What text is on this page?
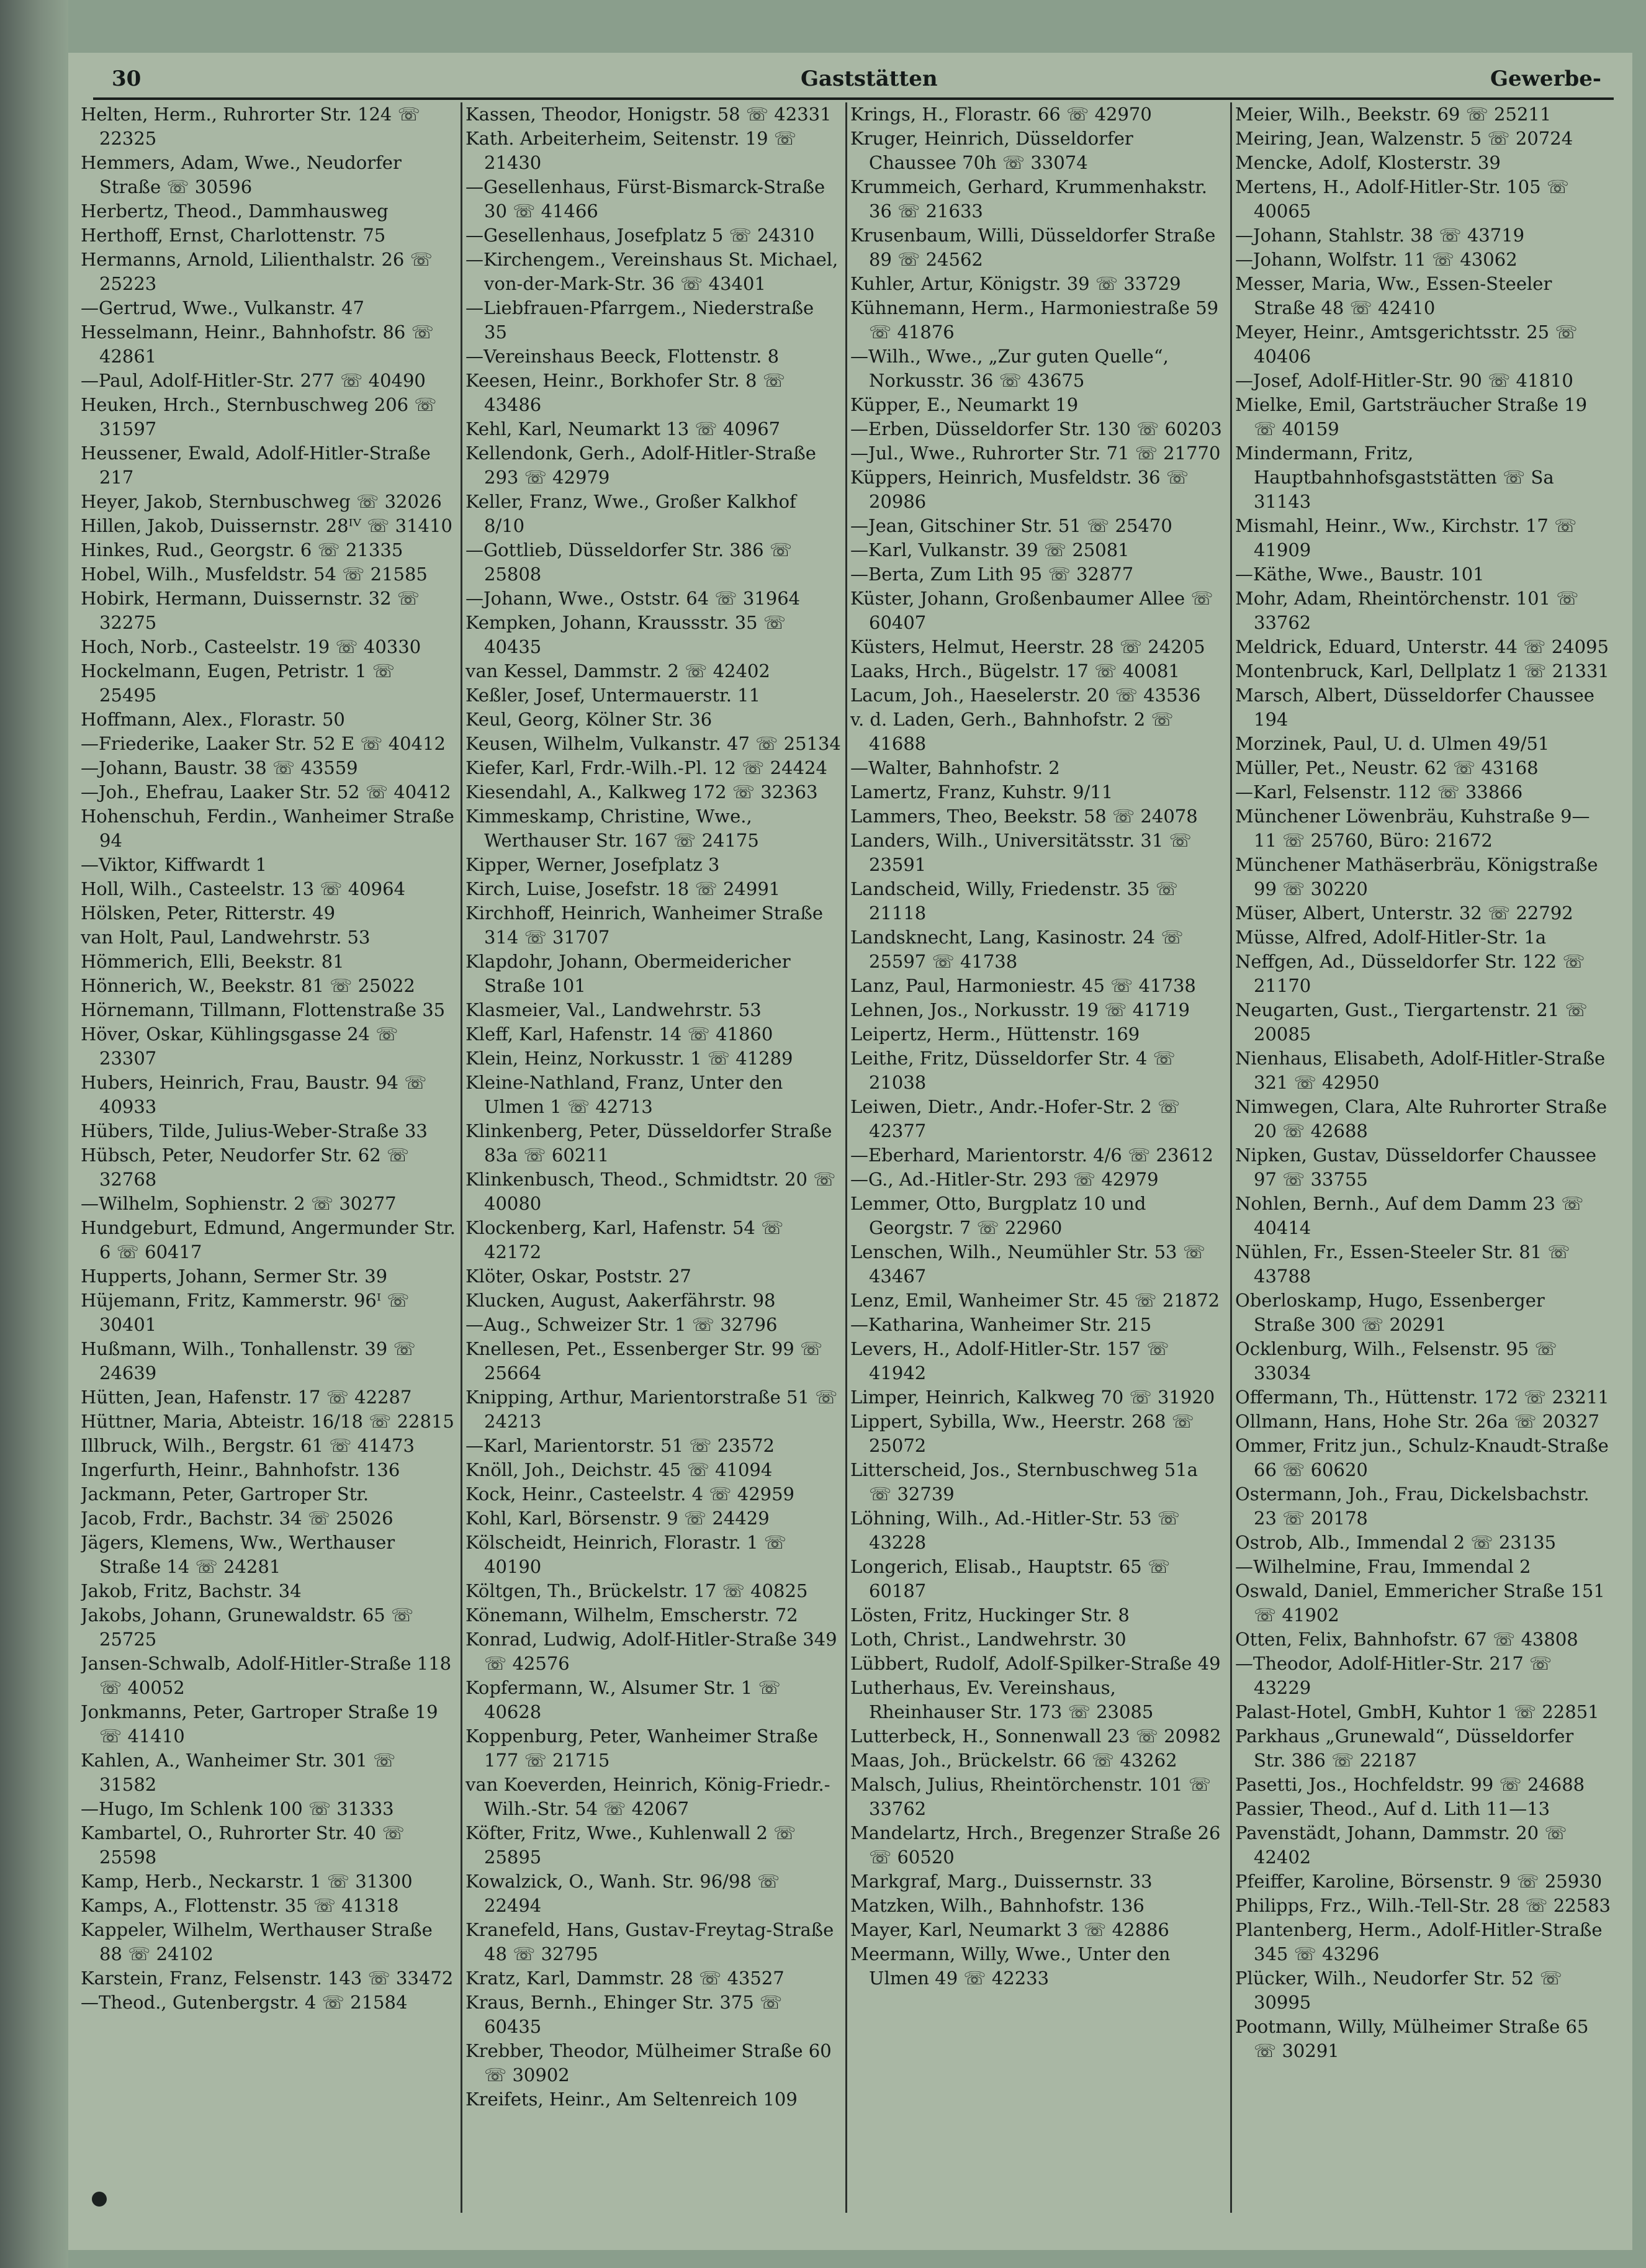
30	Gaststätten	Gewerbe-

Helten, Herm., Ruhrorter Str. 124 ☏ 22325

Hemmers, Adam, Wwe., Neudorfer Straße ☏ 30596

Herbertz, Theod., Dammhausweg

Herthoff, Ernst, Charlottenstr. 75

Hermanns, Arnold, Lilienthalstr. 26 ☏ 25223

—Gertrud, Wwe., Vulkanstr. 47

Hesselmann, Heinr., Bahnhofstr. 86 ☏ 42861

—Paul, Adolf-Hitler-Str. 277 ☏ 40490

Heuken, Hrch., Sternbuschweg 206 ☏ 31597

Heussener, Ewald, Adolf-Hitler-Straße 217

Heyer, Jakob, Sternbuschweg ☏ 32026

Hillen, Jakob, Duissernstr. 28ᴵⱽ ☏ 31410

Hinkes, Rud., Georgstr. 6 ☏ 21335

Hobel, Wilh., Musfeldstr. 54 ☏ 21585

Hobirk, Hermann, Duissernstr. 32 ☏ 32275

Hoch, Norb., Casteelstr. 19 ☏ 40330

Hockelmann, Eugen, Petristr. 1 ☏ 25495

Hoffmann, Alex., Florastr. 50

—Friederike, Laaker Str. 52 E ☏ 40412

—Johann, Baustr. 38 ☏ 43559

—Joh., Ehefrau, Laaker Str. 52 ☏ 40412

Hohenschuh, Ferdin., Wanheimer Straße 94

—Viktor, Kiffwardt 1

Holl, Wilh., Casteelstr. 13 ☏ 40964

Hölsken, Peter, Ritterstr. 49

van Holt, Paul, Landwehrstr. 53

Hömmerich, Elli, Beekstr. 81

Hönnerich, W., Beekstr. 81 ☏ 25022

Hörnemann, Tillmann, Flottenstraße 35

Höver, Oskar, Kühlingsgasse 24 ☏ 23307

Hubers, Heinrich, Frau, Baustr. 94 ☏ 40933

Hübers, Tilde, Julius-Weber-Straße 33

Hübsch, Peter, Neudorfer Str. 62 ☏ 32768

—Wilhelm, Sophienstr. 2 ☏ 30277

Hundgeburt, Edmund, Angermunder Str. 6 ☏ 60417

Hupperts, Johann, Sermer Str. 39

Hüjemann, Fritz, Kammerstr. 96ᴵ ☏ 30401

Hußmann, Wilh., Tonhallenstr. 39 ☏ 24639

Hütten, Jean, Hafenstr. 17 ☏ 42287

Hüttner, Maria, Abteistr. 16/18 ☏ 22815

Illbruck, Wilh., Bergstr. 61 ☏ 41473

Ingerfurth, Heinr., Bahnhofstr. 136

Jackmann, Peter, Gartroper Str.

Jacob, Frdr., Bachstr. 34 ☏ 25026

Jägers, Klemens, Ww., Werthauser Straße 14 ☏ 24281

Jakob, Fritz, Bachstr. 34

Jakobs, Johann, Grunewaldstr. 65 ☏ 25725

Jansen-Schwalb, Adolf-Hitler-Straße 118 ☏ 40052

Jonkmanns, Peter, Gartroper Straße 19 ☏ 41410

Kahlen, A., Wanheimer Str. 301 ☏ 31582

—Hugo, Im Schlenk 100 ☏ 31333

Kambartel, O., Ruhrorter Str. 40 ☏ 25598

Kamp, Herb., Neckarstr. 1 ☏ 31300

Kamps, A., Flottenstr. 35 ☏ 41318

Kappeler, Wilhelm, Werthauser Straße 88 ☏ 24102

Karstein, Franz, Felsenstr. 143 ☏ 33472

—Theod., Gutenbergstr. 4 ☏ 21584

Kassen, Theodor, Honigstr. 58 ☏ 42331

Kath. Arbeiterheim, Seitenstr. 19 ☏ 21430

—Gesellenhaus, Fürst-Bismarck-Straße 30 ☏ 41466

—Gesellenhaus, Josefplatz 5 ☏ 24310

—Kirchengem., Vereinshaus St. Michael, von-der-Mark-Str. 36 ☏ 43401

—Liebfrauen-Pfarrgem., Niederstraße 35

—Vereinshaus Beeck, Flottenstr. 8

Keesen, Heinr., Borkhofer Str. 8 ☏ 43486

Kehl, Karl, Neumarkt 13 ☏ 40967

Kellendonk, Gerh., Adolf-Hitler-Straße 293 ☏ 42979

Keller, Franz, Wwe., Großer Kalkhof 8/10

—Gottlieb, Düsseldorfer Str. 386 ☏ 25808

—Johann, Wwe., Oststr. 64 ☏ 31964

Kempken, Johann, Kraussstr. 35 ☏ 40435

van Kessel, Dammstr. 2 ☏ 42402

Keßler, Josef, Untermauerstr. 11

Keul, Georg, Kölner Str. 36

Keusen, Wilhelm, Vulkanstr. 47 ☏ 25134

Kiefer, Karl, Frdr.-Wilh.-Pl. 12 ☏ 24424

Kiesendahl, A., Kalkweg 172 ☏ 32363

Kimmeskamp, Christine, Wwe., Werthauser Str. 167 ☏ 24175

Kipper, Werner, Josefplatz 3

Kirch, Luise, Josefstr. 18 ☏ 24991

Kirchhoff, Heinrich, Wanheimer Straße 314 ☏ 31707

Klapdohr, Johann, Obermeidericher Straße 101

Klasmeier, Val., Landwehrstr. 53

Kleff, Karl, Hafenstr. 14 ☏ 41860

Klein, Heinz, Norkusstr. 1 ☏ 41289

Kleine-Nathland, Franz, Unter den Ulmen 1 ☏ 42713

Klinkenberg, Peter, Düsseldorfer Straße 83a ☏ 60211

Klinkenbusch, Theod., Schmidtstr. 20 ☏ 40080

Klockenberg, Karl, Hafenstr. 54 ☏ 42172

Klöter, Oskar, Poststr. 27

Klucken, August, Aakerfährstr. 98

—Aug., Schweizer Str. 1 ☏ 32796

Knellesen, Pet., Essenberger Str. 99 ☏ 25664

Knipping, Arthur, Marientorstraße 51 ☏ 24213

—Karl, Marientorstr. 51 ☏ 23572

Knöll, Joh., Deichstr. 45 ☏ 41094

Kock, Heinr., Casteelstr. 4 ☏ 42959

Kohl, Karl, Börsenstr. 9 ☏ 24429

Kölscheidt, Heinrich, Florastr. 1 ☏ 40190

Költgen, Th., Brückelstr. 17 ☏ 40825

Könemann, Wilhelm, Emscherstr. 72

Konrad, Ludwig, Adolf-Hitler-Straße 349 ☏ 42576

Kopfermann, W., Alsumer Str. 1 ☏ 40628

Koppenburg, Peter, Wanheimer Straße 177 ☏ 21715

van Koeverden, Heinrich, König-Friedr.-Wilh.-Str. 54 ☏ 42067

Köfter, Fritz, Wwe., Kuhlenwall 2 ☏ 25895

Kowalzick, O., Wanh. Str. 96/98 ☏ 22494

Kranefeld, Hans, Gustav-Freytag-Straße 48 ☏ 32795

Kratz, Karl, Dammstr. 28 ☏ 43527

Kraus, Bernh., Ehinger Str. 375 ☏ 60435

Krebber, Theodor, Mülheimer Straße 60 ☏ 30902

Kreifets, Heinr., Am Seltenreich 109

Krings, H., Florastr. 66 ☏ 42970

Kruger, Heinrich, Düsseldorfer Chaussee 70h ☏ 33074

Krummeich, Gerhard, Krummenhakstr. 36 ☏ 21633

Krusenbaum, Willi, Düsseldorfer Straße 89 ☏ 24562

Kuhler, Artur, Königstr. 39 ☏ 33729

Kühnemann, Herm., Harmoniestraße 59 ☏ 41876

—Wilh., Wwe., „Zur guten Quelle“, Norkusstr. 36 ☏ 43675

Küpper, E., Neumarkt 19

—Erben, Düsseldorfer Str. 130 ☏ 60203

—Jul., Wwe., Ruhrorter Str. 71 ☏ 21770

Küppers, Heinrich, Musfeldstr. 36 ☏ 20986

—Jean, Gitschiner Str. 51 ☏ 25470

—Karl, Vulkanstr. 39 ☏ 25081

—Berta, Zum Lith 95 ☏ 32877

Küster, Johann, Großenbaumer Allee ☏ 60407

Küsters, Helmut, Heerstr. 28 ☏ 24205

Laaks, Hrch., Bügelstr. 17 ☏ 40081

Lacum, Joh., Haeselerstr. 20 ☏ 43536

v. d. Laden, Gerh., Bahnhofstr. 2 ☏ 41688

—Walter, Bahnhofstr. 2

Lamertz, Franz, Kuhstr. 9/11

Lammers, Theo, Beekstr. 58 ☏ 24078

Landers, Wilh., Universitätsstr. 31 ☏ 23591

Landscheid, Willy, Friedenstr. 35 ☏ 21118

Landsknecht, Lang, Kasinostr. 24 ☏ 25597 ☏ 41738

Lanz, Paul, Harmoniestr. 45 ☏ 41738

Lehnen, Jos., Norkusstr. 19 ☏ 41719

Leipertz, Herm., Hüttenstr. 169

Leithe, Fritz, Düsseldorfer Str. 4 ☏ 21038

Leiwen, Dietr., Andr.-Hofer-Str. 2 ☏ 42377

—Eberhard, Marientorstr. 4/6 ☏ 23612

—G., Ad.-Hitler-Str. 293 ☏ 42979

Lemmer, Otto, Burgplatz 10 und Georgstr. 7 ☏ 22960

Lenschen, Wilh., Neumühler Str. 53 ☏ 43467

Lenz, Emil, Wanheimer Str. 45 ☏ 21872

—Katharina, Wanheimer Str. 215

Levers, H., Adolf-Hitler-Str. 157 ☏ 41942

Limper, Heinrich, Kalkweg 70 ☏ 31920

Lippert, Sybilla, Ww., Heerstr. 268 ☏ 25072

Litterscheid, Jos., Sternbuschweg 51a ☏ 32739

Löhning, Wilh., Ad.-Hitler-Str. 53 ☏ 43228

Longerich, Elisab., Hauptstr. 65 ☏ 60187

Lösten, Fritz, Huckinger Str. 8

Loth, Christ., Landwehrstr. 30

Lübbert, Rudolf, Adolf-Spilker-Straße 49

Lutherhaus, Ev. Vereinshaus, Rheinhauser Str. 173 ☏ 23085

Lutterbeck, H., Sonnenwall 23 ☏ 20982

Maas, Joh., Brückelstr. 66 ☏ 43262

Malsch, Julius, Rheintörchenstr. 101 ☏ 33762

Mandelartz, Hrch., Bregenzer Straße 26 ☏ 60520

Markgraf, Marg., Duissernstr. 33

Matzken, Wilh., Bahnhofstr. 136

Mayer, Karl, Neumarkt 3 ☏ 42886

Meermann, Willy, Wwe., Unter den Ulmen 49 ☏ 42233

Meier, Wilh., Beekstr. 69 ☏ 25211

Meiring, Jean, Walzenstr. 5 ☏ 20724

Mencke, Adolf, Klosterstr. 39

Mertens, H., Adolf-Hitler-Str. 105 ☏ 40065

—Johann, Stahlstr. 38 ☏ 43719

—Johann, Wolfstr. 11 ☏ 43062

Messer, Maria, Ww., Essen-Steeler Straße 48 ☏ 42410

Meyer, Heinr., Amtsgerichtsstr. 25 ☏ 40406

—Josef, Adolf-Hitler-Str. 90 ☏ 41810

Mielke, Emil, Gartsträucher Straße 19 ☏ 40159

Mindermann, Fritz, Hauptbahnhofsgaststätten ☏ Sa 31143

Mismahl, Heinr., Ww., Kirchstr. 17 ☏ 41909

—Käthe, Wwe., Baustr. 101

Mohr, Adam, Rheintörchenstr. 101 ☏ 33762

Meldrick, Eduard, Unterstr. 44 ☏ 24095

Montenbruck, Karl, Dellplatz 1 ☏ 21331

Marsch, Albert, Düsseldorfer Chaussee 194

Morzinek, Paul, U. d. Ulmen 49/51

Müller, Pet., Neustr. 62 ☏ 43168

—Karl, Felsenstr. 112 ☏ 33866

Münchener Löwenbräu, Kuhstraße 9—11 ☏ 25760, Büro: 21672

Münchener Mathäserbräu, Königstraße 99 ☏ 30220

Müser, Albert, Unterstr. 32 ☏ 22792

Müsse, Alfred, Adolf-Hitler-Str. 1a

Neffgen, Ad., Düsseldorfer Str. 122 ☏ 21170

Neugarten, Gust., Tiergartenstr. 21 ☏ 20085

Nienhaus, Elisabeth, Adolf-Hitler-Straße 321 ☏ 42950

Nimwegen, Clara, Alte Ruhrorter Straße 20 ☏ 42688

Nipken, Gustav, Düsseldorfer Chaussee 97 ☏ 33755

Nohlen, Bernh., Auf dem Damm 23 ☏ 40414

Nühlen, Fr., Essen-Steeler Str. 81 ☏ 43788

Oberloskamp, Hugo, Essenberger Straße 300 ☏ 20291

Ocklenburg, Wilh., Felsenstr. 95 ☏ 33034

Offermann, Th., Hüttenstr. 172 ☏ 23211

Ollmann, Hans, Hohe Str. 26a ☏ 20327

Ommer, Fritz jun., Schulz-Knaudt-Straße 66 ☏ 60620

Ostermann, Joh., Frau, Dickelsbachstr. 23 ☏ 20178

Ostrob, Alb., Immendal 2 ☏ 23135

—Wilhelmine, Frau, Immendal 2

Oswald, Daniel, Emmericher Straße 151 ☏ 41902

Otten, Felix, Bahnhofstr. 67 ☏ 43808

—Theodor, Adolf-Hitler-Str. 217 ☏ 43229

Palast-Hotel, GmbH, Kuhtor 1 ☏ 22851

Parkhaus „Grunewald“, Düsseldorfer Str. 386 ☏ 22187

Pasetti, Jos., Hochfeldstr. 99 ☏ 24688

Passier, Theod., Auf d. Lith 11—13

Pavenstädt, Johann, Dammstr. 20 ☏ 42402

Pfeiffer, Karoline, Börsenstr. 9 ☏ 25930

Philipps, Frz., Wilh.-Tell-Str. 28 ☏ 22583

Plantenberg, Herm., Adolf-Hitler-Straße 345 ☏ 43296

Plücker, Wilh., Neudorfer Str. 52 ☏ 30995

Pootmann, Willy, Mülheimer Straße 65 ☏ 30291
